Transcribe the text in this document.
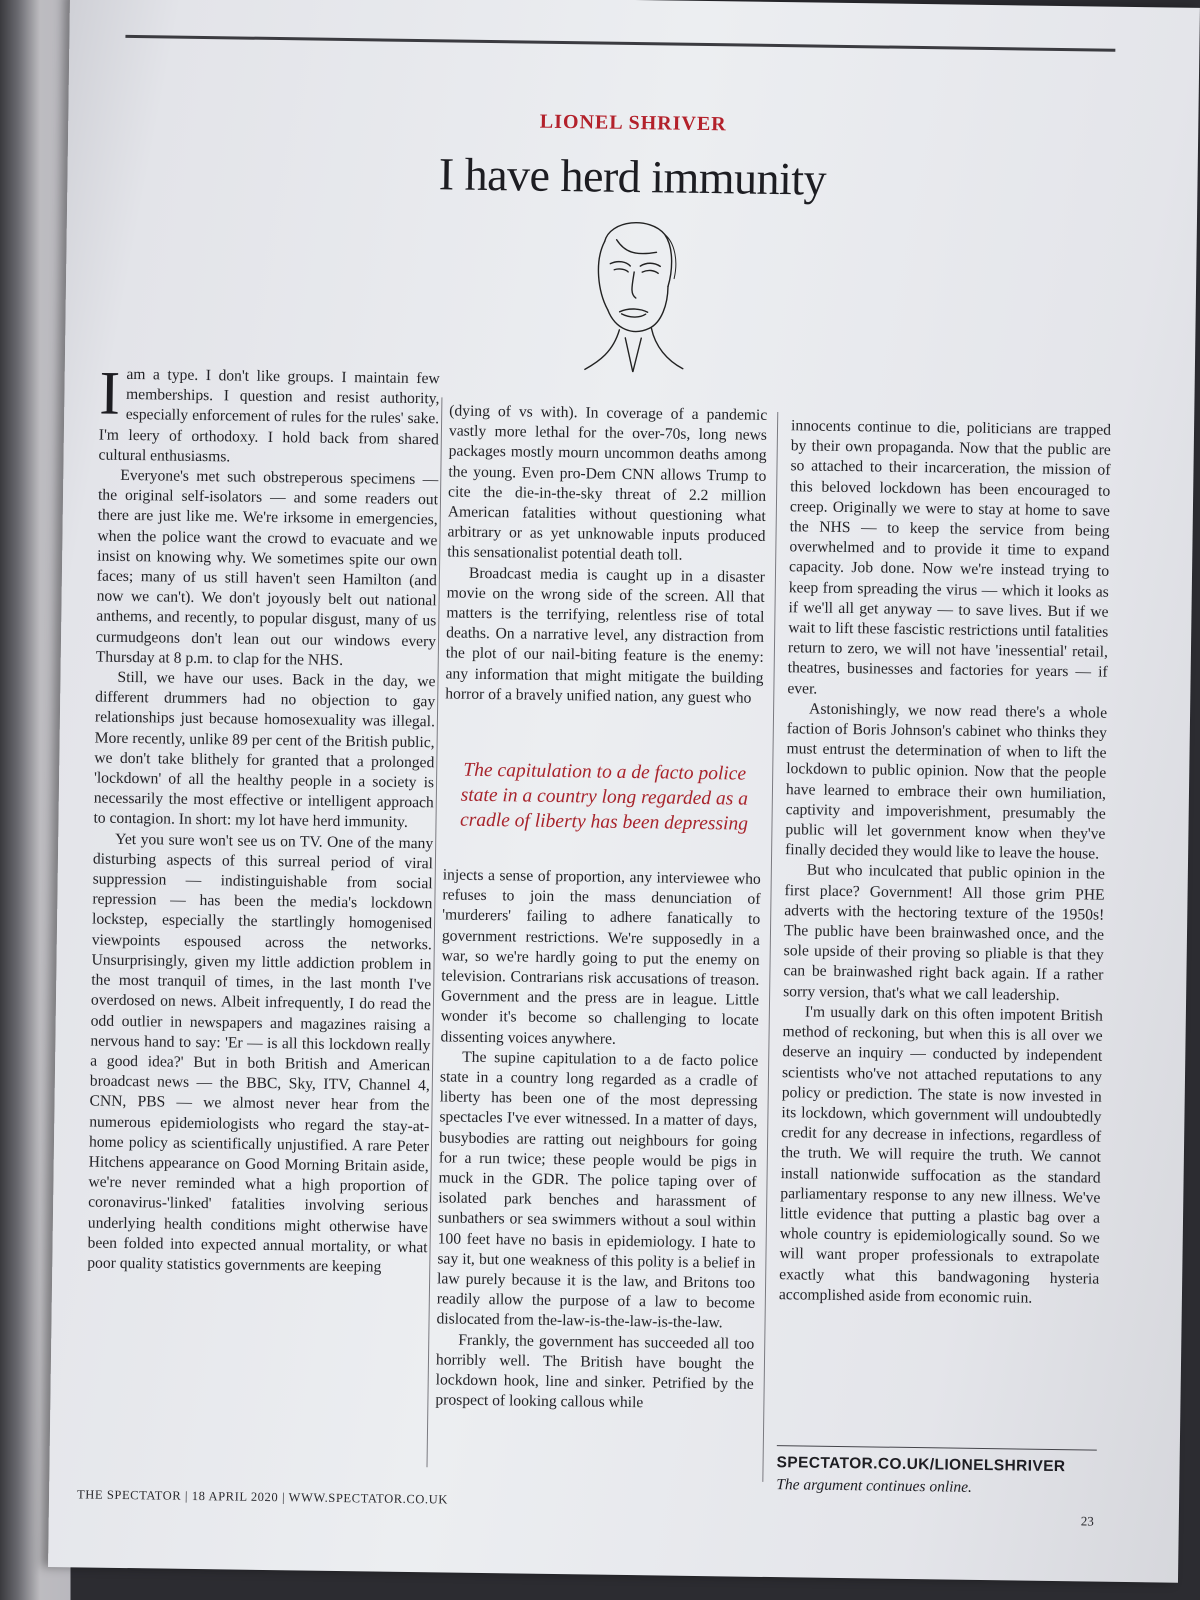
LIONEL SHRIVER
I have herd immunity

Iam a type. I don't like groups. I maintain few memberships. I question and resist authority, especially enforcement of rules for the rules' sake. I'm leery of orthodoxy. I hold back from shared cultural enthusiasms.

Everyone's met such obstreperous specimens — the original self-isolators — and some readers out there are just like me. We're irksome in emergencies, when the police want the crowd to evacuate and we insist on knowing why. We sometimes spite our own faces; many of us still haven't seen Hamilton (and now we can't). We don't joyously belt out national anthems, and recently, to popular disgust, many of us curmudgeons don't lean out our windows every Thursday at 8 p.m. to clap for the NHS.

Still, we have our uses. Back in the day, we different drummers had no objection to gay relationships just because homosexuality was illegal. More recently, unlike 89 per cent of the British public, we don't take blithely for granted that a prolonged 'lockdown' of all the healthy people in a society is necessarily the most effective or intelligent approach to contagion. In short: my lot have herd immunity.

Yet you sure won't see us on TV. One of the many disturbing aspects of this surreal period of viral suppression — indistinguishable from social repression — has been the media's lockdown lockstep, especially the startlingly homogenised viewpoints espoused across the networks. Unsurprisingly, given my little addiction problem in the most tranquil of times, in the last month I've overdosed on news. Albeit infrequently, I do read the odd outlier in newspapers and magazines raising a nervous hand to say: 'Er — is all this lockdown really a good idea?' But in both British and American broadcast news — the BBC, Sky, ITV, Channel 4, CNN, PBS — we almost never hear from the numerous epidemiologists who regard the stay-at-home policy as scientifically unjustified. A rare Peter Hitchens appearance on Good Morning Britain aside, we're never reminded what a high proportion of coronavirus-'linked' fatalities involving serious underlying health conditions might otherwise have been folded into expected annual mortality, or what poor quality statistics governments are keeping

(dying of vs with). In coverage of a pandemic vastly more lethal for the over-70s, long news packages mostly mourn uncommon deaths among the young. Even pro-Dem CNN allows Trump to cite the die-in-the-sky threat of 2.2 million American fatalities without questioning what arbitrary or as yet unknowable inputs produced this sensationalist potential death toll.

Broadcast media is caught up in a disaster movie on the wrong side of the screen. All that matters is the terrifying, relentless rise of total deaths. On a narrative level, any distraction from the plot of our nail-biting feature is the enemy: any information that might mitigate the building horror of a bravely unified nation, any guest who

The capitulation to a de facto police state in a country long regarded as a cradle of liberty has been depressing

injects a sense of proportion, any interviewee who refuses to join the mass denunciation of 'murderers' failing to adhere fanatically to government restrictions. We're supposedly in a war, so we're hardly going to put the enemy on television. Contrarians risk accusations of treason. Government and the press are in league. Little wonder it's become so challenging to locate dissenting voices anywhere.

The supine capitulation to a de facto police state in a country long regarded as a cradle of liberty has been one of the most depressing spectacles I've ever witnessed. In a matter of days, busybodies are ratting out neighbours for going for a run twice; these people would be pigs in muck in the GDR. The police taping over of isolated park benches and harassment of sunbathers or sea swimmers without a soul within 100 feet have no basis in epidemiology. I hate to say it, but one weakness of this polity is a belief in law purely because it is the law, and Britons too readily allow the purpose of a law to become dislocated from the-law-is-the-law-is-the-law.

Frankly, the government has succeeded all too horribly well. The British have bought the lockdown hook, line and sinker. Petrified by the prospect of looking callous while

innocents continue to die, politicians are trapped by their own propaganda. Now that the public are so attached to their incarceration, the mission of this beloved lockdown has been encouraged to creep. Originally we were to stay at home to save the NHS — to keep the service from being overwhelmed and to provide it time to expand capacity. Job done. Now we're instead trying to keep from spreading the virus — which it looks as if we'll all get anyway — to save lives. But if we wait to lift these fascistic restrictions until fatalities return to zero, we will not have 'inessential' retail, theatres, businesses and factories for years — if ever.

Astonishingly, we now read there's a whole faction of Boris Johnson's cabinet who thinks they must entrust the determination of when to lift the lockdown to public opinion. Now that the people have learned to embrace their own humiliation, captivity and impoverishment, presumably the public will let government know when they've finally decided they would like to leave the house.

But who inculcated that public opinion in the first place? Government! All those grim PHE adverts with the hectoring texture of the 1950s! The public have been brainwashed once, and the sole upside of their proving so pliable is that they can be brainwashed right back again. If a rather sorry version, that's what we call leadership.

I'm usually dark on this often impotent British method of reckoning, but when this is all over we deserve an inquiry — conducted by independent scientists who've not attached reputations to any policy or prediction. The state is now invested in its lockdown, which government will undoubtedly credit for any decrease in infections, regardless of the truth. We will require the truth. We cannot install nationwide suffocation as the standard parliamentary response to any new illness. We've little evidence that putting a plastic bag over a whole country is epidemiologically sound. So we will want proper professionals to extrapolate exactly what this bandwagoning hysteria accomplished aside from economic ruin.

SPECTATOR.CO.UK/LIONELSHRIVER
The argument continues online.
THE SPECTATOR | 18 APRIL 2020 | WWW.SPECTATOR.CO.UK
23
